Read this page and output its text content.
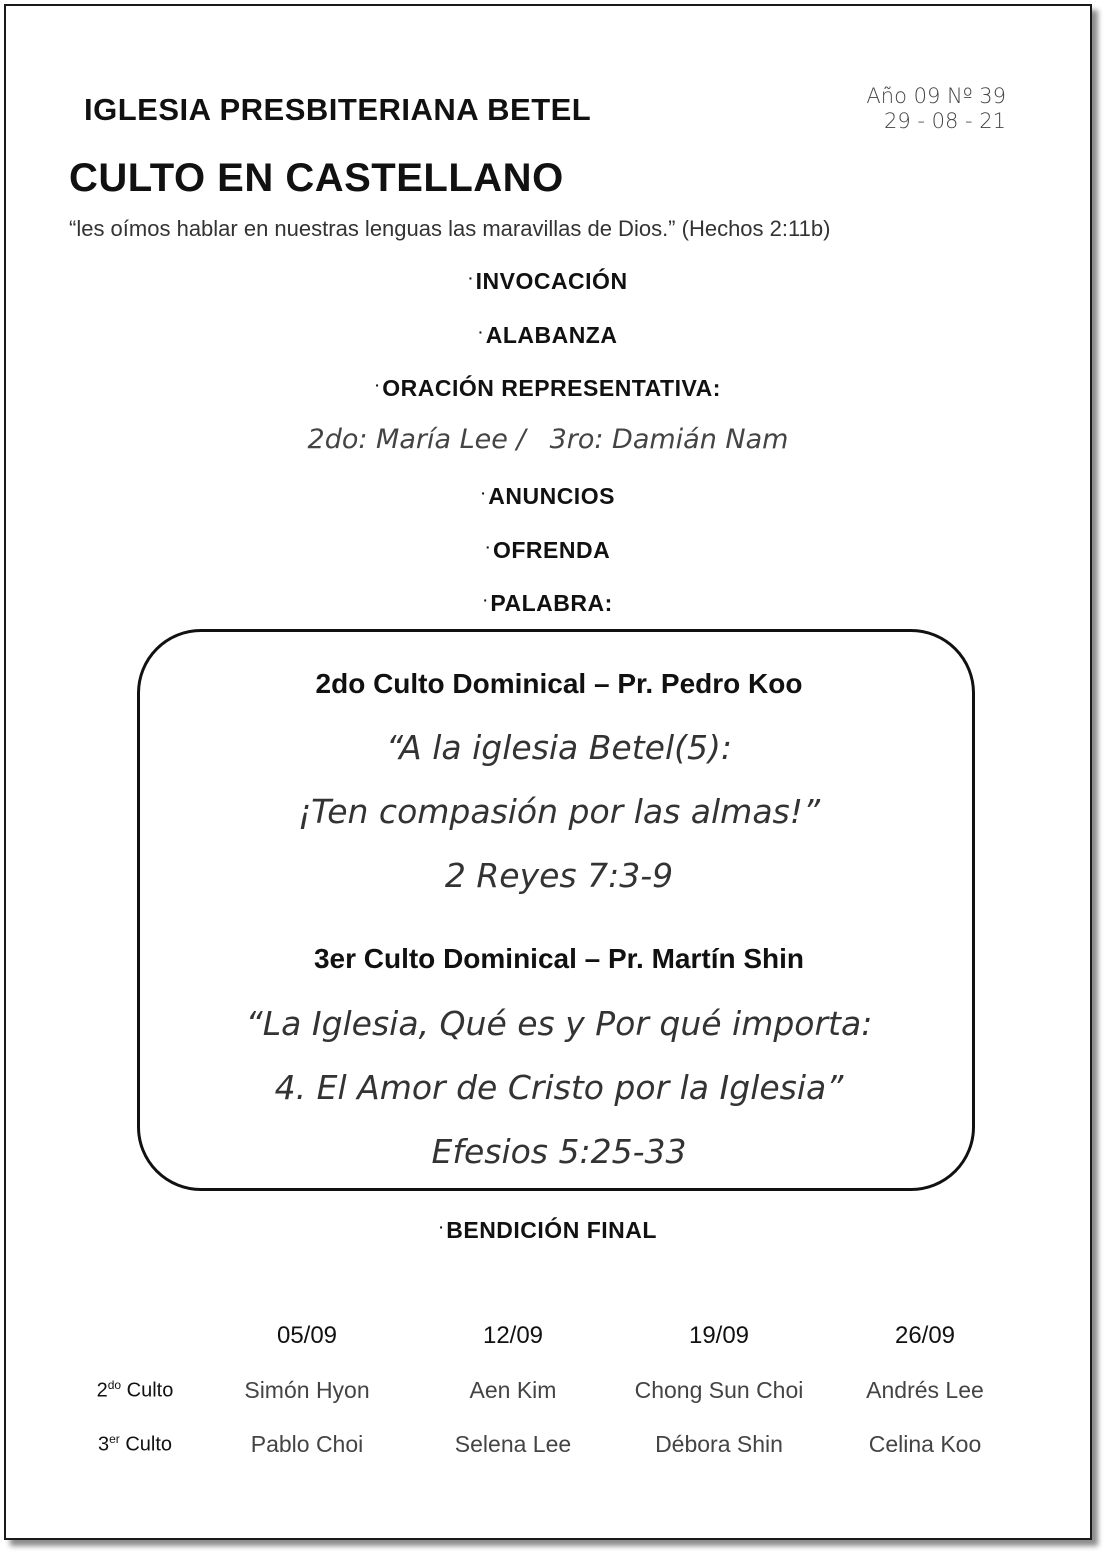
IGLESIA PRESBITERIANA BETEL	Año 09 Nº 39
29 - 08 - 21
CULTO EN CASTELLANO
“les oímos hablar en nuestras lenguas las maravillas de Dios.” (Hechos 2:11b)
·INVOCACIÓN
·ALABANZA
·ORACIÓN REPRESENTATIVA:
2do: María Lee / 3ro: Damián Nam
·ANUNCIOS
·OFRENDA
·PALABRA:
2do Culto Dominical – Pr. Pedro Koo
“A la iglesia Betel(5):
¡Ten compasión por las almas!”
2 Reyes 7:3-9
3er Culto Dominical – Pr. Martín Shin
“La Iglesia, Qué es y Por qué importa:
4. El Amor de Cristo por la Iglesia”
Efesios 5:25-33
·BENDICIÓN FINAL
	05/09	12/09	19/09	26/09
$2^{do}$ Culto	Simón Hyon	Aen Kim	Chong Sun Choi	Andrés Lee
3er Culto	Pablo Choi	Selena Lee	Débora Shin	Celina Koo
